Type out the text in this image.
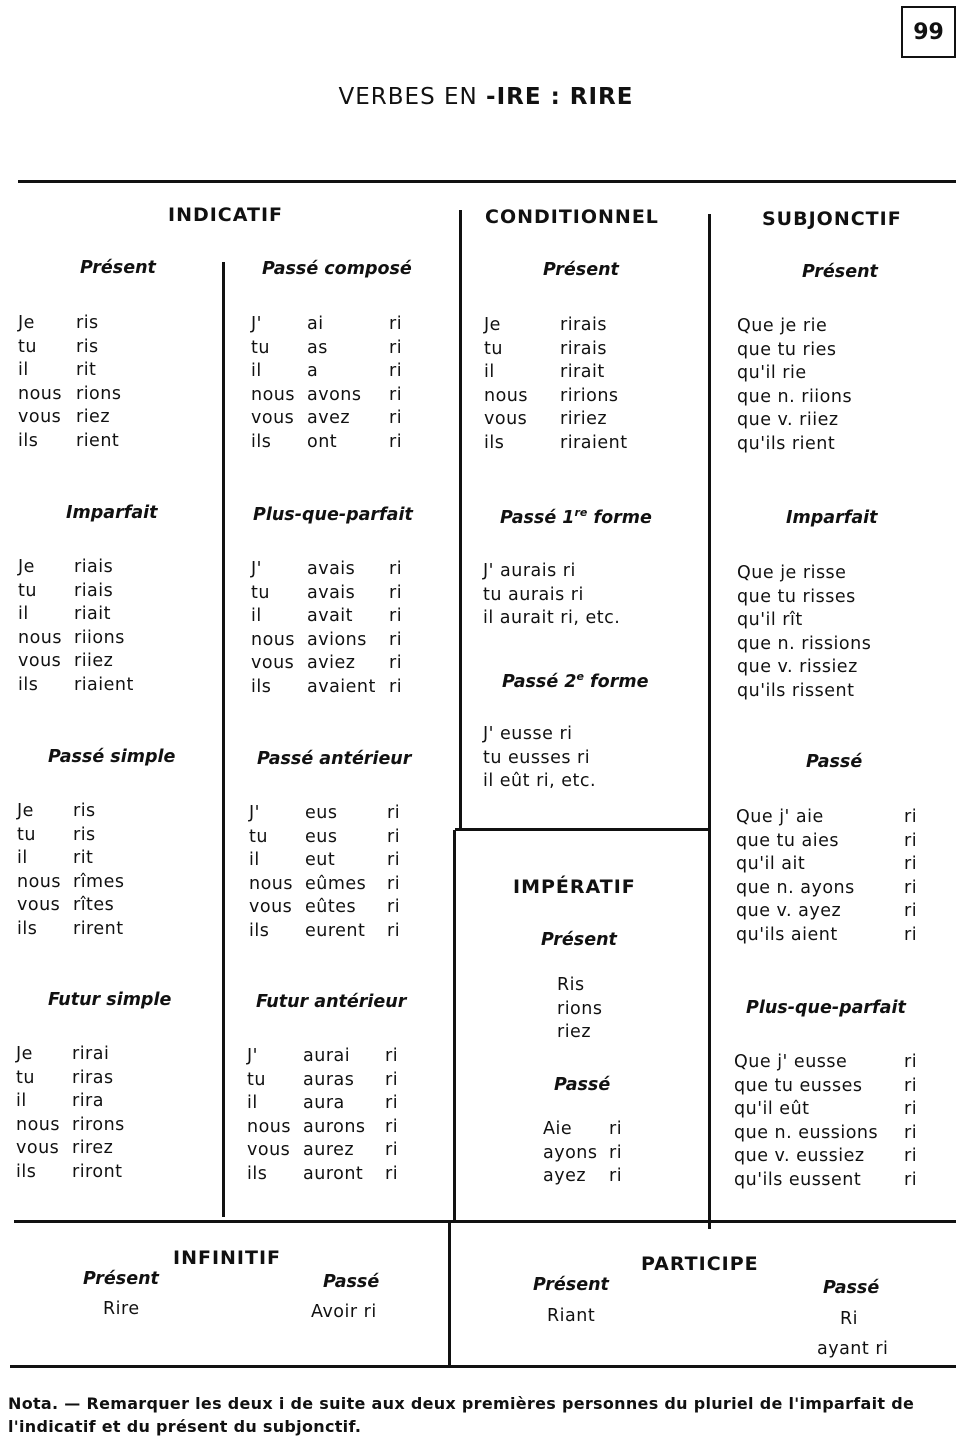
99
VERBES EN -IRE : RIRE
INDICATIF
Présent
Je ris
tu ris
il	rit
nous rions
vous riez
ils rient
Passé composé
J'	ai	ri
tu as	ri
il	a	ri
nous avons ri
vous avez ri
ils ont	ri
Imparfait
Je riais
tu riais
il	riait
nous riions
vous riiez
ils riaient
Plus-que-parfait
J'	avais ri
tu avais ri
il	avait ri
nous avions ri
vous aviez ri
ils avaient ri
Passé simple
Je ris
tu ris
il	rit
nous rîmes
vous rîtes
ils rirent
Passé antérieur
J'	eus	ri
tu eus	ri
il	eut	ri
nous eûmes ri
vous eûtes ri
ils eurent ri
Futur simple
Je rirai
tu riras
il	rira
nous rirons
vous rirez
ils riront
Futur antérieur
J'	aurai ri
tu auras ri
il	aura ri
nous aurons ri
vous aurez ri
ils auront ri
CONDITIONNEL
Présent
Je	rirais
tu	rirais
il	rirait
nous ririons
vous ririez
ils	riraient
Passé 1re forme
J' aurais ri
tu aurais ri
il aurait ri, etc.
Passé 2e forme
J' eusse ri
tu eusses ri
il eût ri, etc.
IMPÉRATIF
Présent
Ris
rions
riez
Passé
Aie ri
ayons ri
ayez ri
SUBJONCTIF
Présent
Que je rie
que tu ries
qu'il rie
que n. riions
que v. riiez
qu'ils rient
Imparfait
Que je risse
que tu risses
qu'il rît
que n. rissions
que v. rissiez
qu'ils rissent
Passé
Que j' aie	ri
que tu aies	ri
qu'il ait	ri
que n. ayons	ri
que v. ayez	ri
qu'ils aient	ri
Plus-que-parfait
Que j' eusse	ri
que tu eusses ri
qu'il eût	ri
que n. eussions ri
que v. eussiez ri
qu'ils eussent ri
INFINITIF
Présent
Rire
Passé
Avoir ri
PARTICIPE
Présent
Riant
Passé
Ri
ayant ri
Nota. — Remarquer les deux i de suite aux deux premières personnes du pluriel de l'imparfait de l'indicatif et du présent du subjonctif.
